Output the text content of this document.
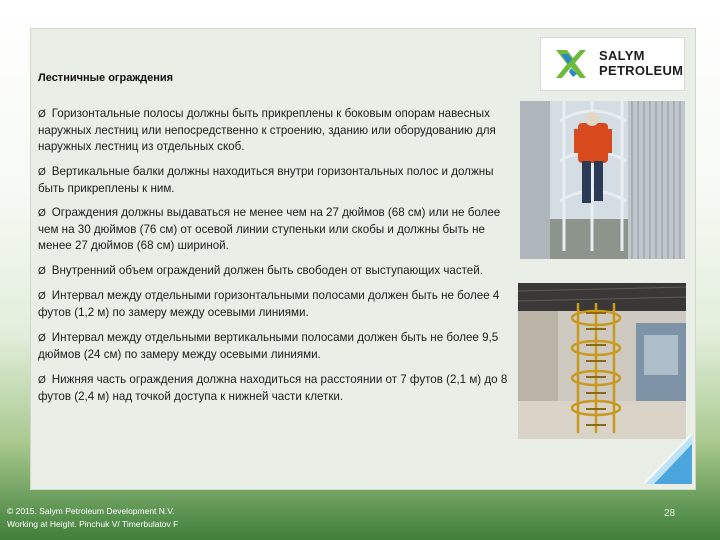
SALYM
PETROLEUM
Лестничные ограждения

Ø Горизонтальные полосы должны быть прикреплены к боковым опорам навесных наружных лестниц или непосредственно к строению, зданию или оборудованию для наружных лестниц из отдельных скоб.

Ø Вертикальные балки должны находиться внутри горизонтальных полос и должны быть прикреплены к ним.

Ø Ограждения должны выдаваться не менее чем на 27 дюймов (68 см) или не более чем на 30 дюймов (76 см) от осевой линии ступеньки или скобы и должны быть не менее 27 дюймов (68 см) шириной.

Ø Внутренний объем ограждений должен быть свободен от выступающих частей.

Ø Интервал между отдельными горизонтальными полосами должен быть не более 4 футов (1,2 м) по замеру между осевыми линиями.

Ø Интервал между отдельными вертикальными полосами должен быть не более 9,5 дюймов (24 см) по замеру между осевыми линиями.

Ø Нижняя часть ограждения должна находиться на расстоянии от 7 футов (2,1 м) до 8 футов (2,4 м) над точкой доступа к нижней части клетки.

© 2015. Salym Petroleum Development N.V.
Working at Height. Pinchuk V/ Timerbulatov F
28
